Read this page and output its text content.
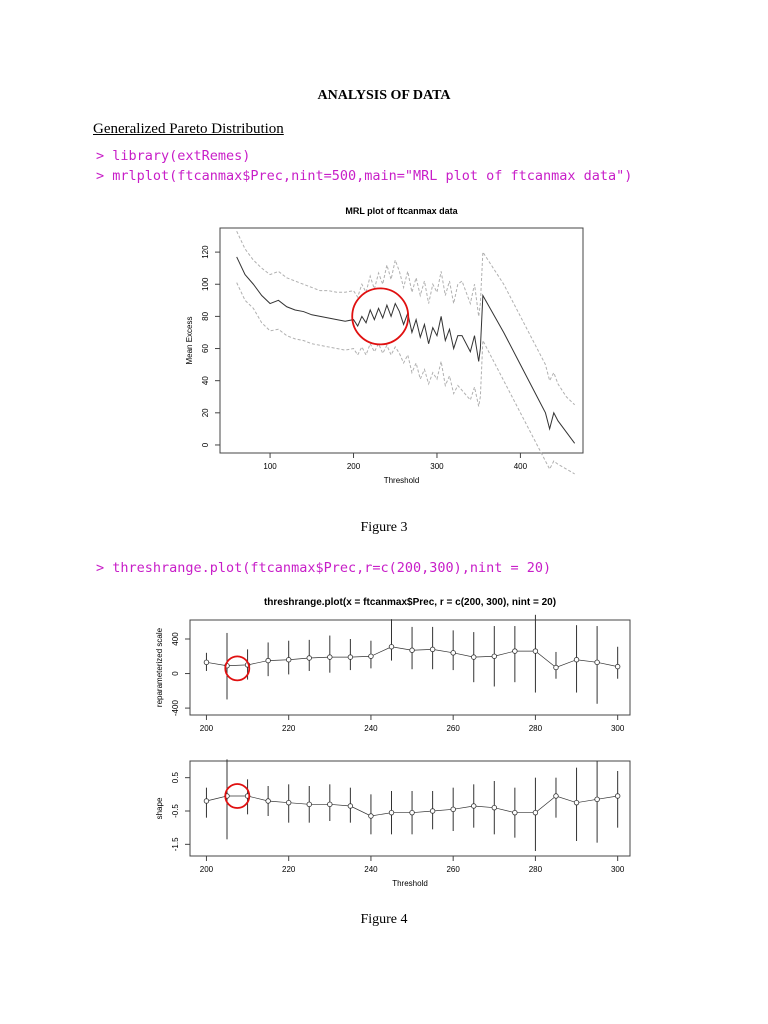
ANALYSIS OF DATA
Generalized Pareto Distribution
> library(extRemes)
> mrlplot(ftcanmax$Prec,nint=500,main="MRL plot of ftcanmax data")
MRL plot of ftcanmax data
100	200	300	400
0
20
40
60
80
100
120
Threshold
Mean Excess
Figure 3
> threshrange.plot(ftcanmax$Prec,r=c(200,300),nint = 20)
threshrange.plot(x = ftcanmax$Prec, r = c(200, 300), nint = 20)
200	220	240	260	280	300
-400
0
400
reparameterized scale
200	220	240	260	280	300
-1.5
-0.5
0.5
Threshold
shape
Figure 4
